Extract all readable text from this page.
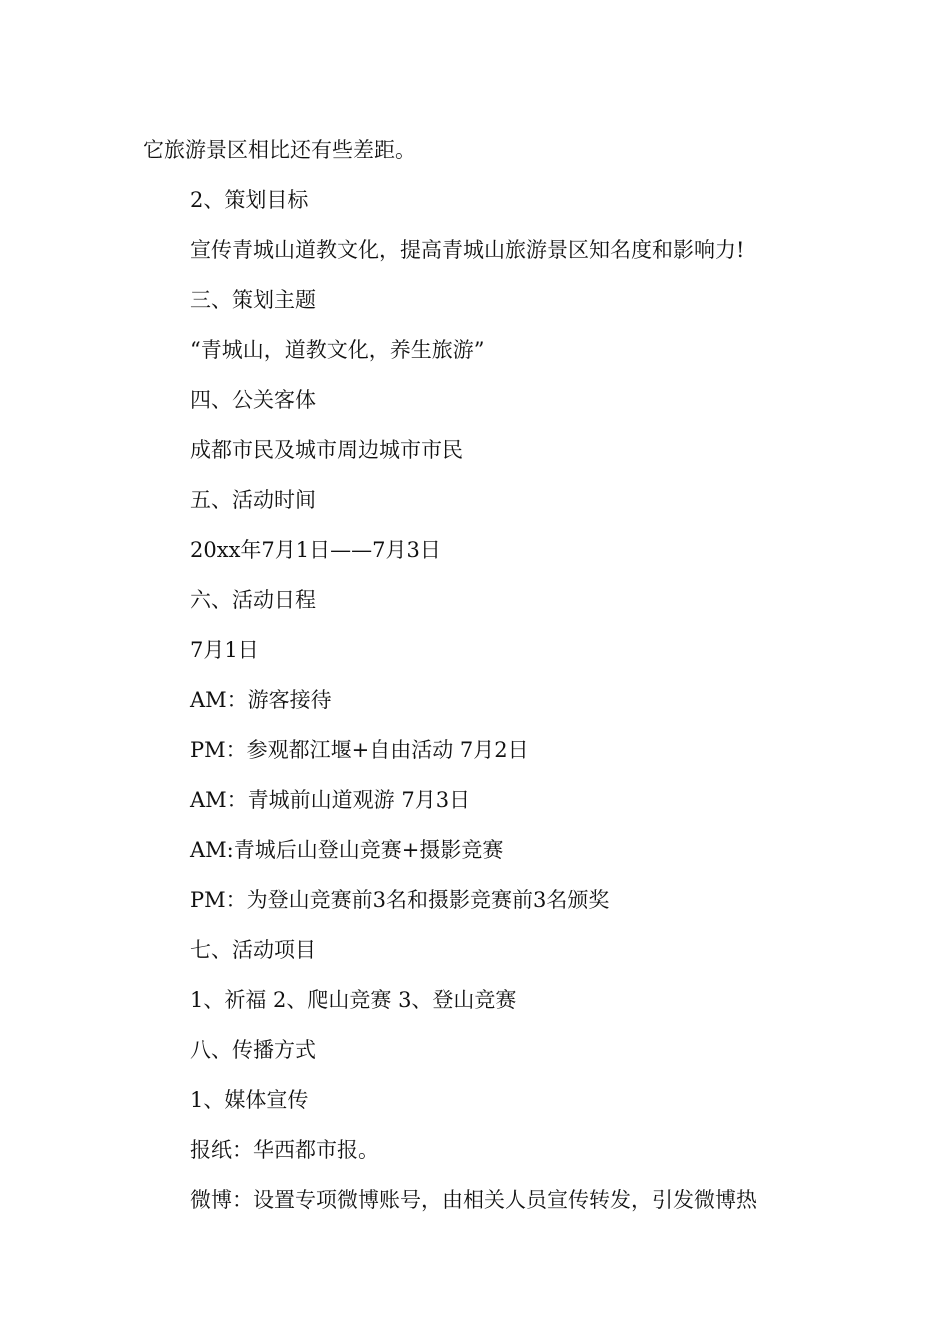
它旅游景区相比还有些差距。
2、策划目标
宣传青城山道教文化，提高青城山旅游景区知名度和影响力!
三、策划主题
“青城山，道教文化，养生旅游”
四、公关客体
成都市民及城市周边城市市民
五、活动时间
20xx年7月1日——7月3日
六、活动日程
7月1日
AM：游客接待
PM：参观都江堰+自由活动 7月2日
AM：青城前山道观游 7月3日
AM:青城后山登山竞赛+摄影竞赛
PM：为登山竞赛前3名和摄影竞赛前3名颁奖
七、活动项目
1、祈福 2、爬山竞赛 3、登山竞赛
八、传播方式
1、媒体宣传
报纸：华西都市报。
微博：设置专项微博账号，由相关人员宣传转发，引发微博热
